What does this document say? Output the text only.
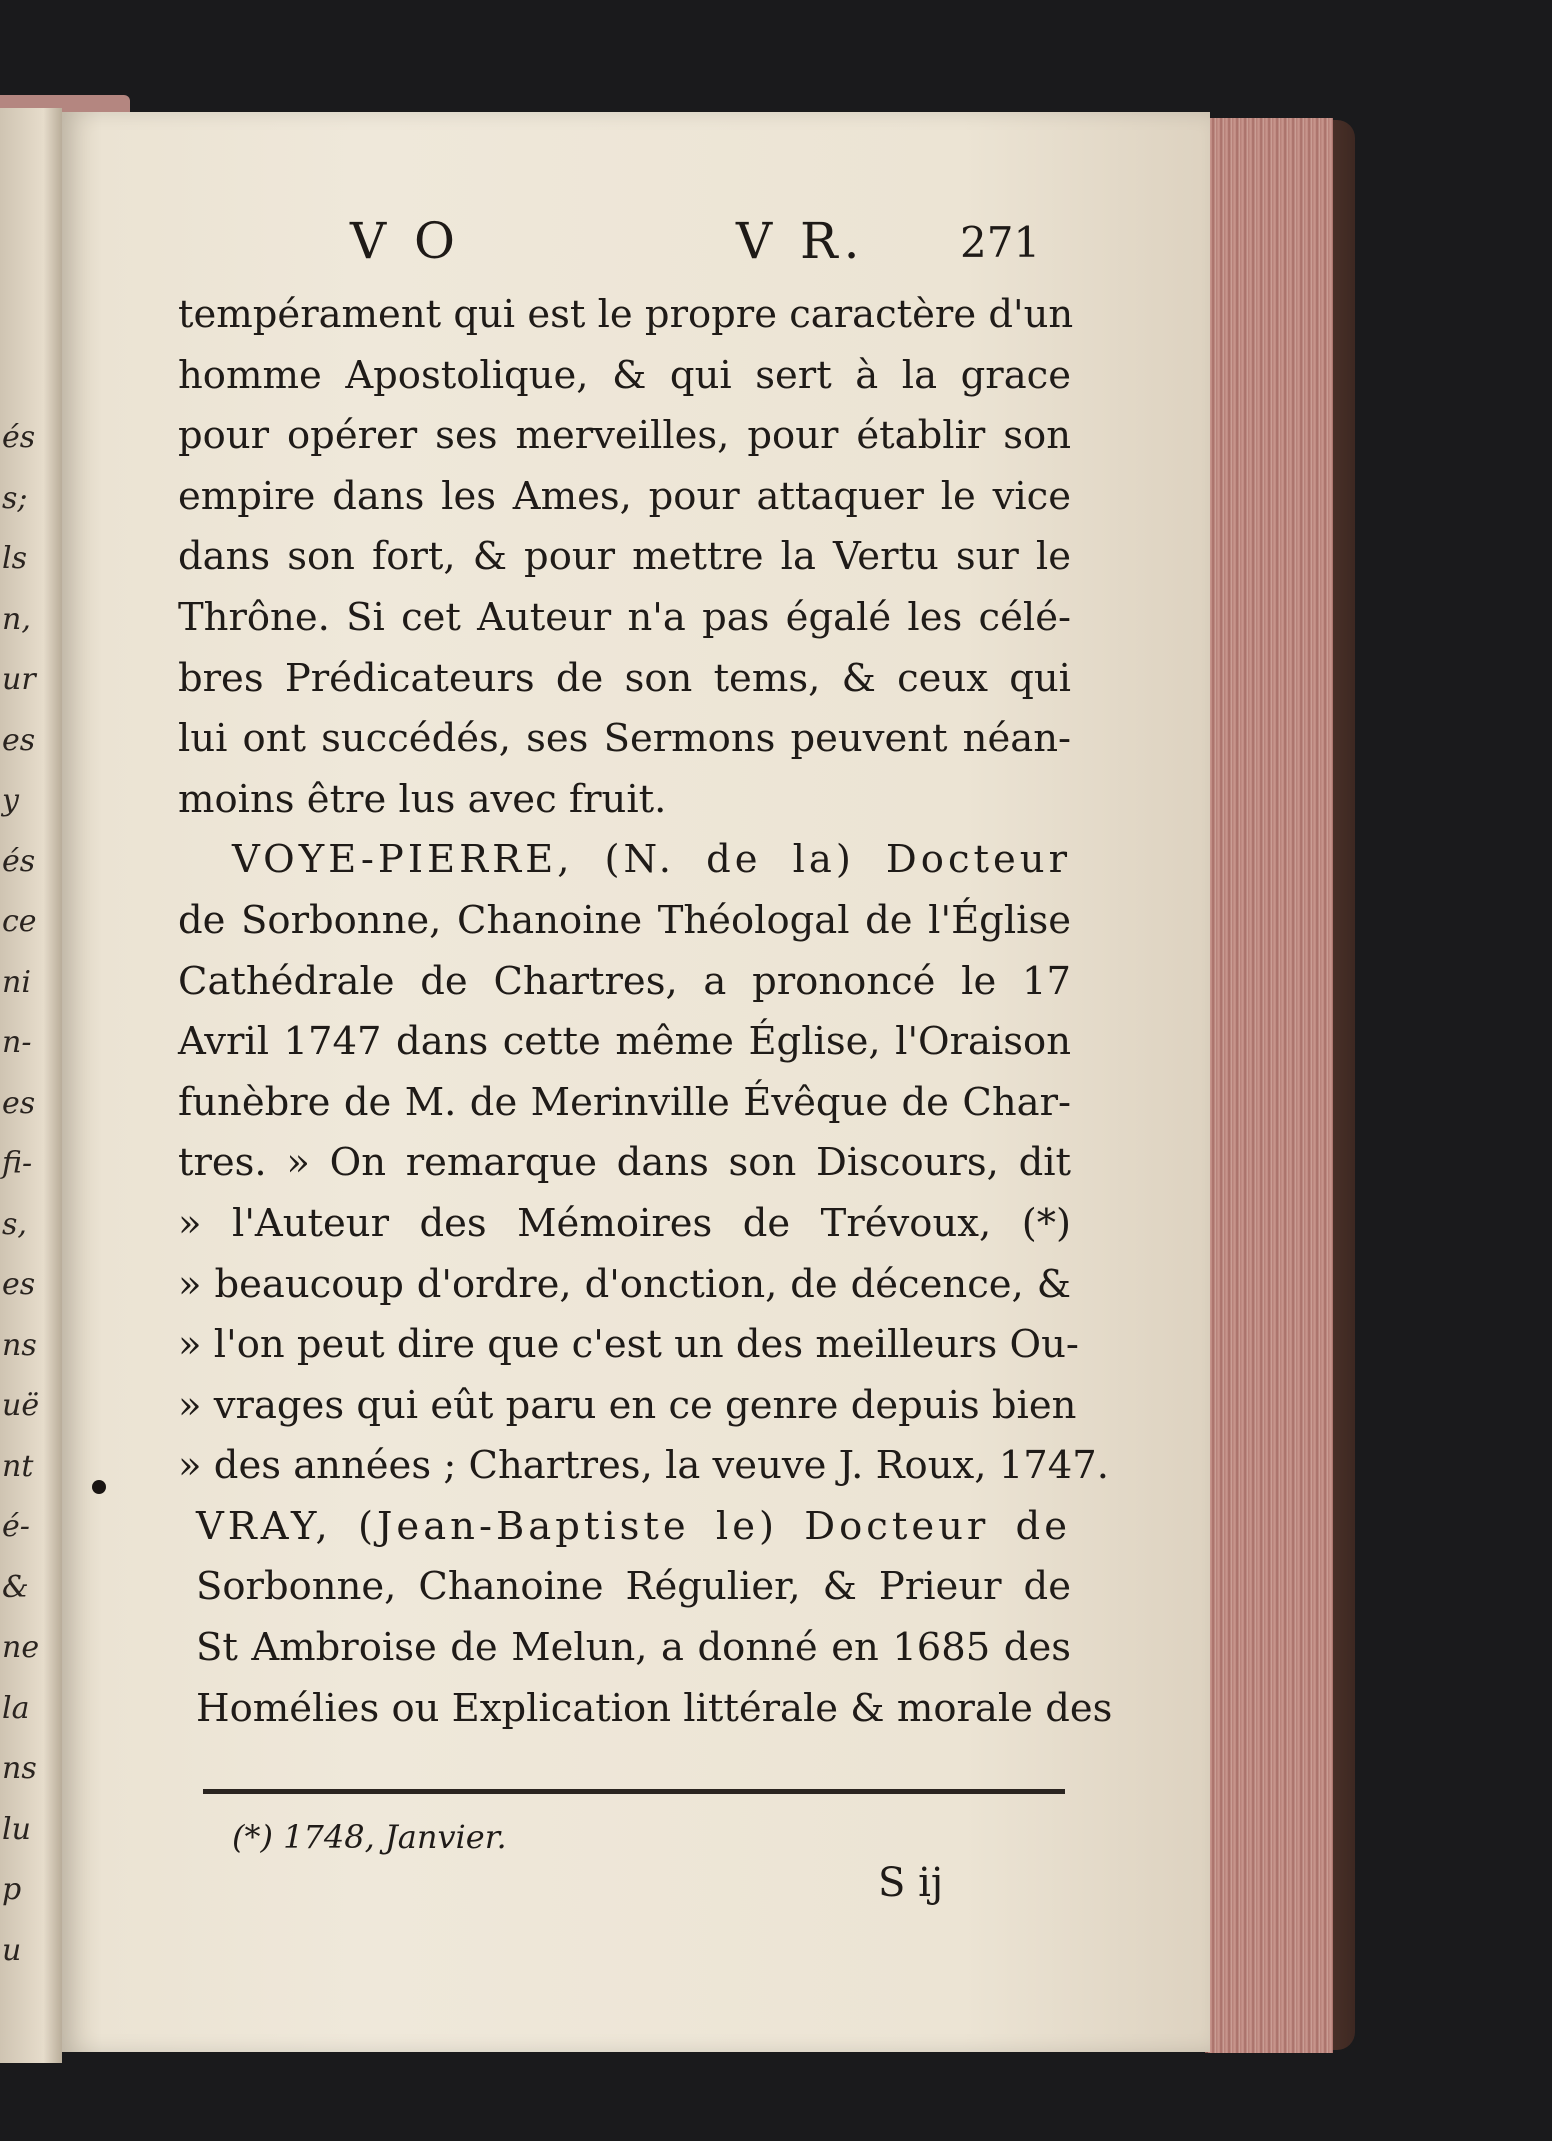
és
s;
ls
n,
ur
es
y
és
ce
ni
n-
es
fi-
s,
es
ns
uë
nt
é-
&
ne
la
ns
lu
p
u
V O	V R. 271
tempérament qui est le propre caractère d'un
homme Apostolique, & qui sert à la grace
pour opérer ses merveilles, pour établir son
empire dans les Ames, pour attaquer le vice
dans son fort, & pour mettre la Vertu sur le
Thrône. Si cet Auteur n'a pas égalé les célé-
bres Prédicateurs de son tems, & ceux qui
lui ont succédés, ses Sermons peuvent néan-
moins être lus avec fruit.
VOYE-PIERRE, (N. de la) Docteur
de Sorbonne, Chanoine Théologal de l'Église
Cathédrale de Chartres, a prononcé le 17
Avril 1747 dans cette même Église, l'Oraison
funèbre de M. de Merinville Évêque de Char-
tres. » On remarque dans son Discours, dit
» l'Auteur des Mémoires de Trévoux, (*)
» beaucoup d'ordre, d'onction, de décence, &
» l'on peut dire que c'est un des meilleurs Ou-
» vrages qui eût paru en ce genre depuis bien
» des années ; Chartres, la veuve J. Roux, 1747.
VRAY, (Jean-Baptiste le) Docteur de
Sorbonne, Chanoine Régulier, & Prieur de
St Ambroise de Melun, a donné en 1685 des
Homélies ou Explication littérale & morale des
(*) 1748, Janvier.
S ij
